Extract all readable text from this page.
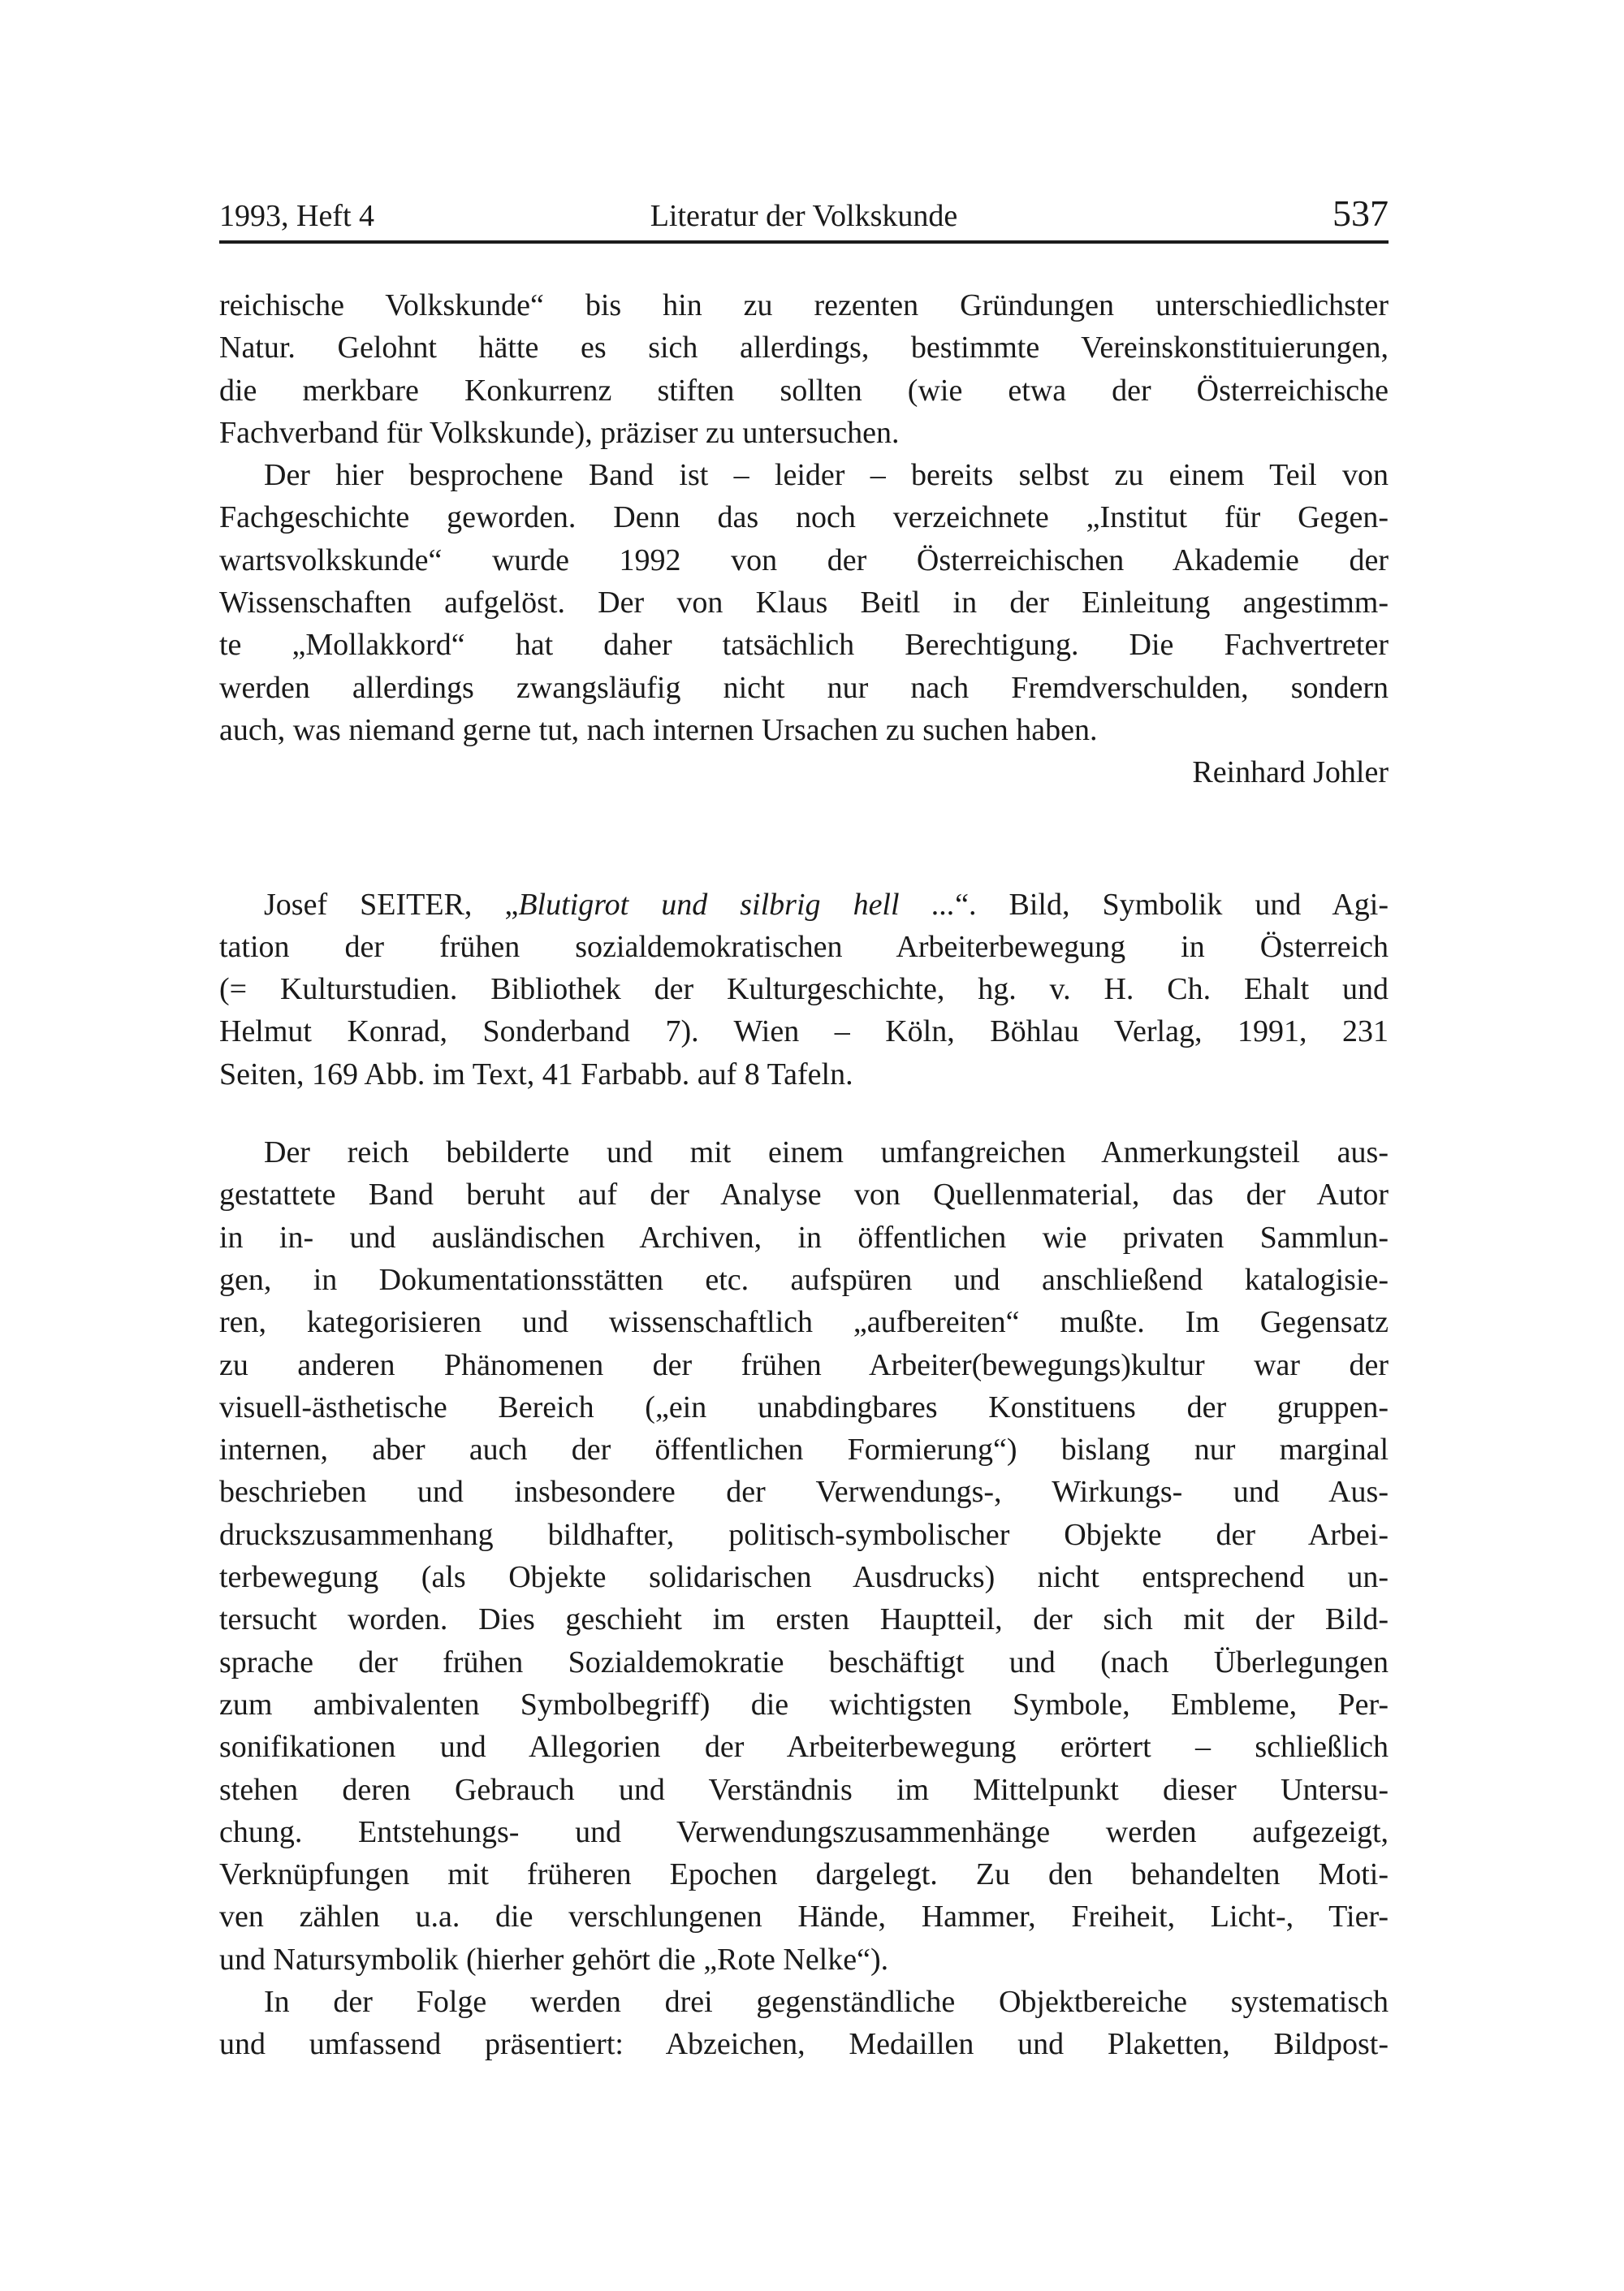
1993, Heft 4	Literatur der Volkskunde	537
reichische Volkskunde“ bis hin zu rezenten Gründungen unterschiedlichster
Natur. Gelohnt hätte es sich allerdings, bestimmte Vereinskonstituierungen,
die merkbare Konkurrenz stiften sollten (wie etwa der Österreichische
Fachverband für Volkskunde), präziser zu untersuchen.
Der hier besprochene Band ist – leider – bereits selbst zu einem Teil von
Fachgeschichte geworden. Denn das noch verzeichnete „Institut für Gegen-
wartsvolkskunde“ wurde 1992 von der Österreichischen Akademie der
Wissenschaften aufgelöst. Der von Klaus Beitl in der Einleitung angestimm-
te „Mollakkord“ hat daher tatsächlich Berechtigung. Die Fachvertreter
werden allerdings zwangsläufig nicht nur nach Fremdverschulden, sondern
auch, was niemand gerne tut, nach internen Ursachen zu suchen haben.
Reinhard Johler
Josef SEITER, „Blutigrot und silbrig hell ...“. Bild, Symbolik und Agi-
tation der frühen sozialdemokratischen Arbeiterbewegung in Österreich
(= Kulturstudien. Bibliothek der Kulturgeschichte, hg. v. H. Ch. Ehalt und
Helmut Konrad, Sonderband 7). Wien – Köln, Böhlau Verlag, 1991, 231
Seiten, 169 Abb. im Text, 41 Farbabb. auf 8 Tafeln.
Der reich bebilderte und mit einem umfangreichen Anmerkungsteil aus-
gestattete Band beruht auf der Analyse von Quellenmaterial, das der Autor
in in- und ausländischen Archiven, in öffentlichen wie privaten Sammlun-
gen, in Dokumentationsstätten etc. aufspüren und anschließend katalogisie-
ren, kategorisieren und wissenschaftlich „aufbereiten“ mußte. Im Gegensatz
zu anderen Phänomenen der frühen Arbeiter(bewegungs)kultur war der
visuell-ästhetische Bereich („ein unabdingbares Konstituens der gruppen-
internen, aber auch der öffentlichen Formierung“) bislang nur marginal
beschrieben und insbesondere der Verwendungs-, Wirkungs- und Aus-
druckszusammenhang bildhafter, politisch-symbolischer Objekte der Arbei-
terbewegung (als Objekte solidarischen Ausdrucks) nicht entsprechend un-
tersucht worden. Dies geschieht im ersten Hauptteil, der sich mit der Bild-
sprache der frühen Sozialdemokratie beschäftigt und (nach Überlegungen
zum ambivalenten Symbolbegriff) die wichtigsten Symbole, Embleme, Per-
sonifikationen und Allegorien der Arbeiterbewegung erörtert – schließlich
stehen deren Gebrauch und Verständnis im Mittelpunkt dieser Untersu-
chung. Entstehungs- und Verwendungszusammenhänge werden aufgezeigt,
Verknüpfungen mit früheren Epochen dargelegt. Zu den behandelten Moti-
ven zählen u.a. die verschlungenen Hände, Hammer, Freiheit, Licht-, Tier-
und Natursymbolik (hierher gehört die „Rote Nelke“).
In der Folge werden drei gegenständliche Objektbereiche systematisch
und umfassend präsentiert: Abzeichen, Medaillen und Plaketten, Bildpost-
